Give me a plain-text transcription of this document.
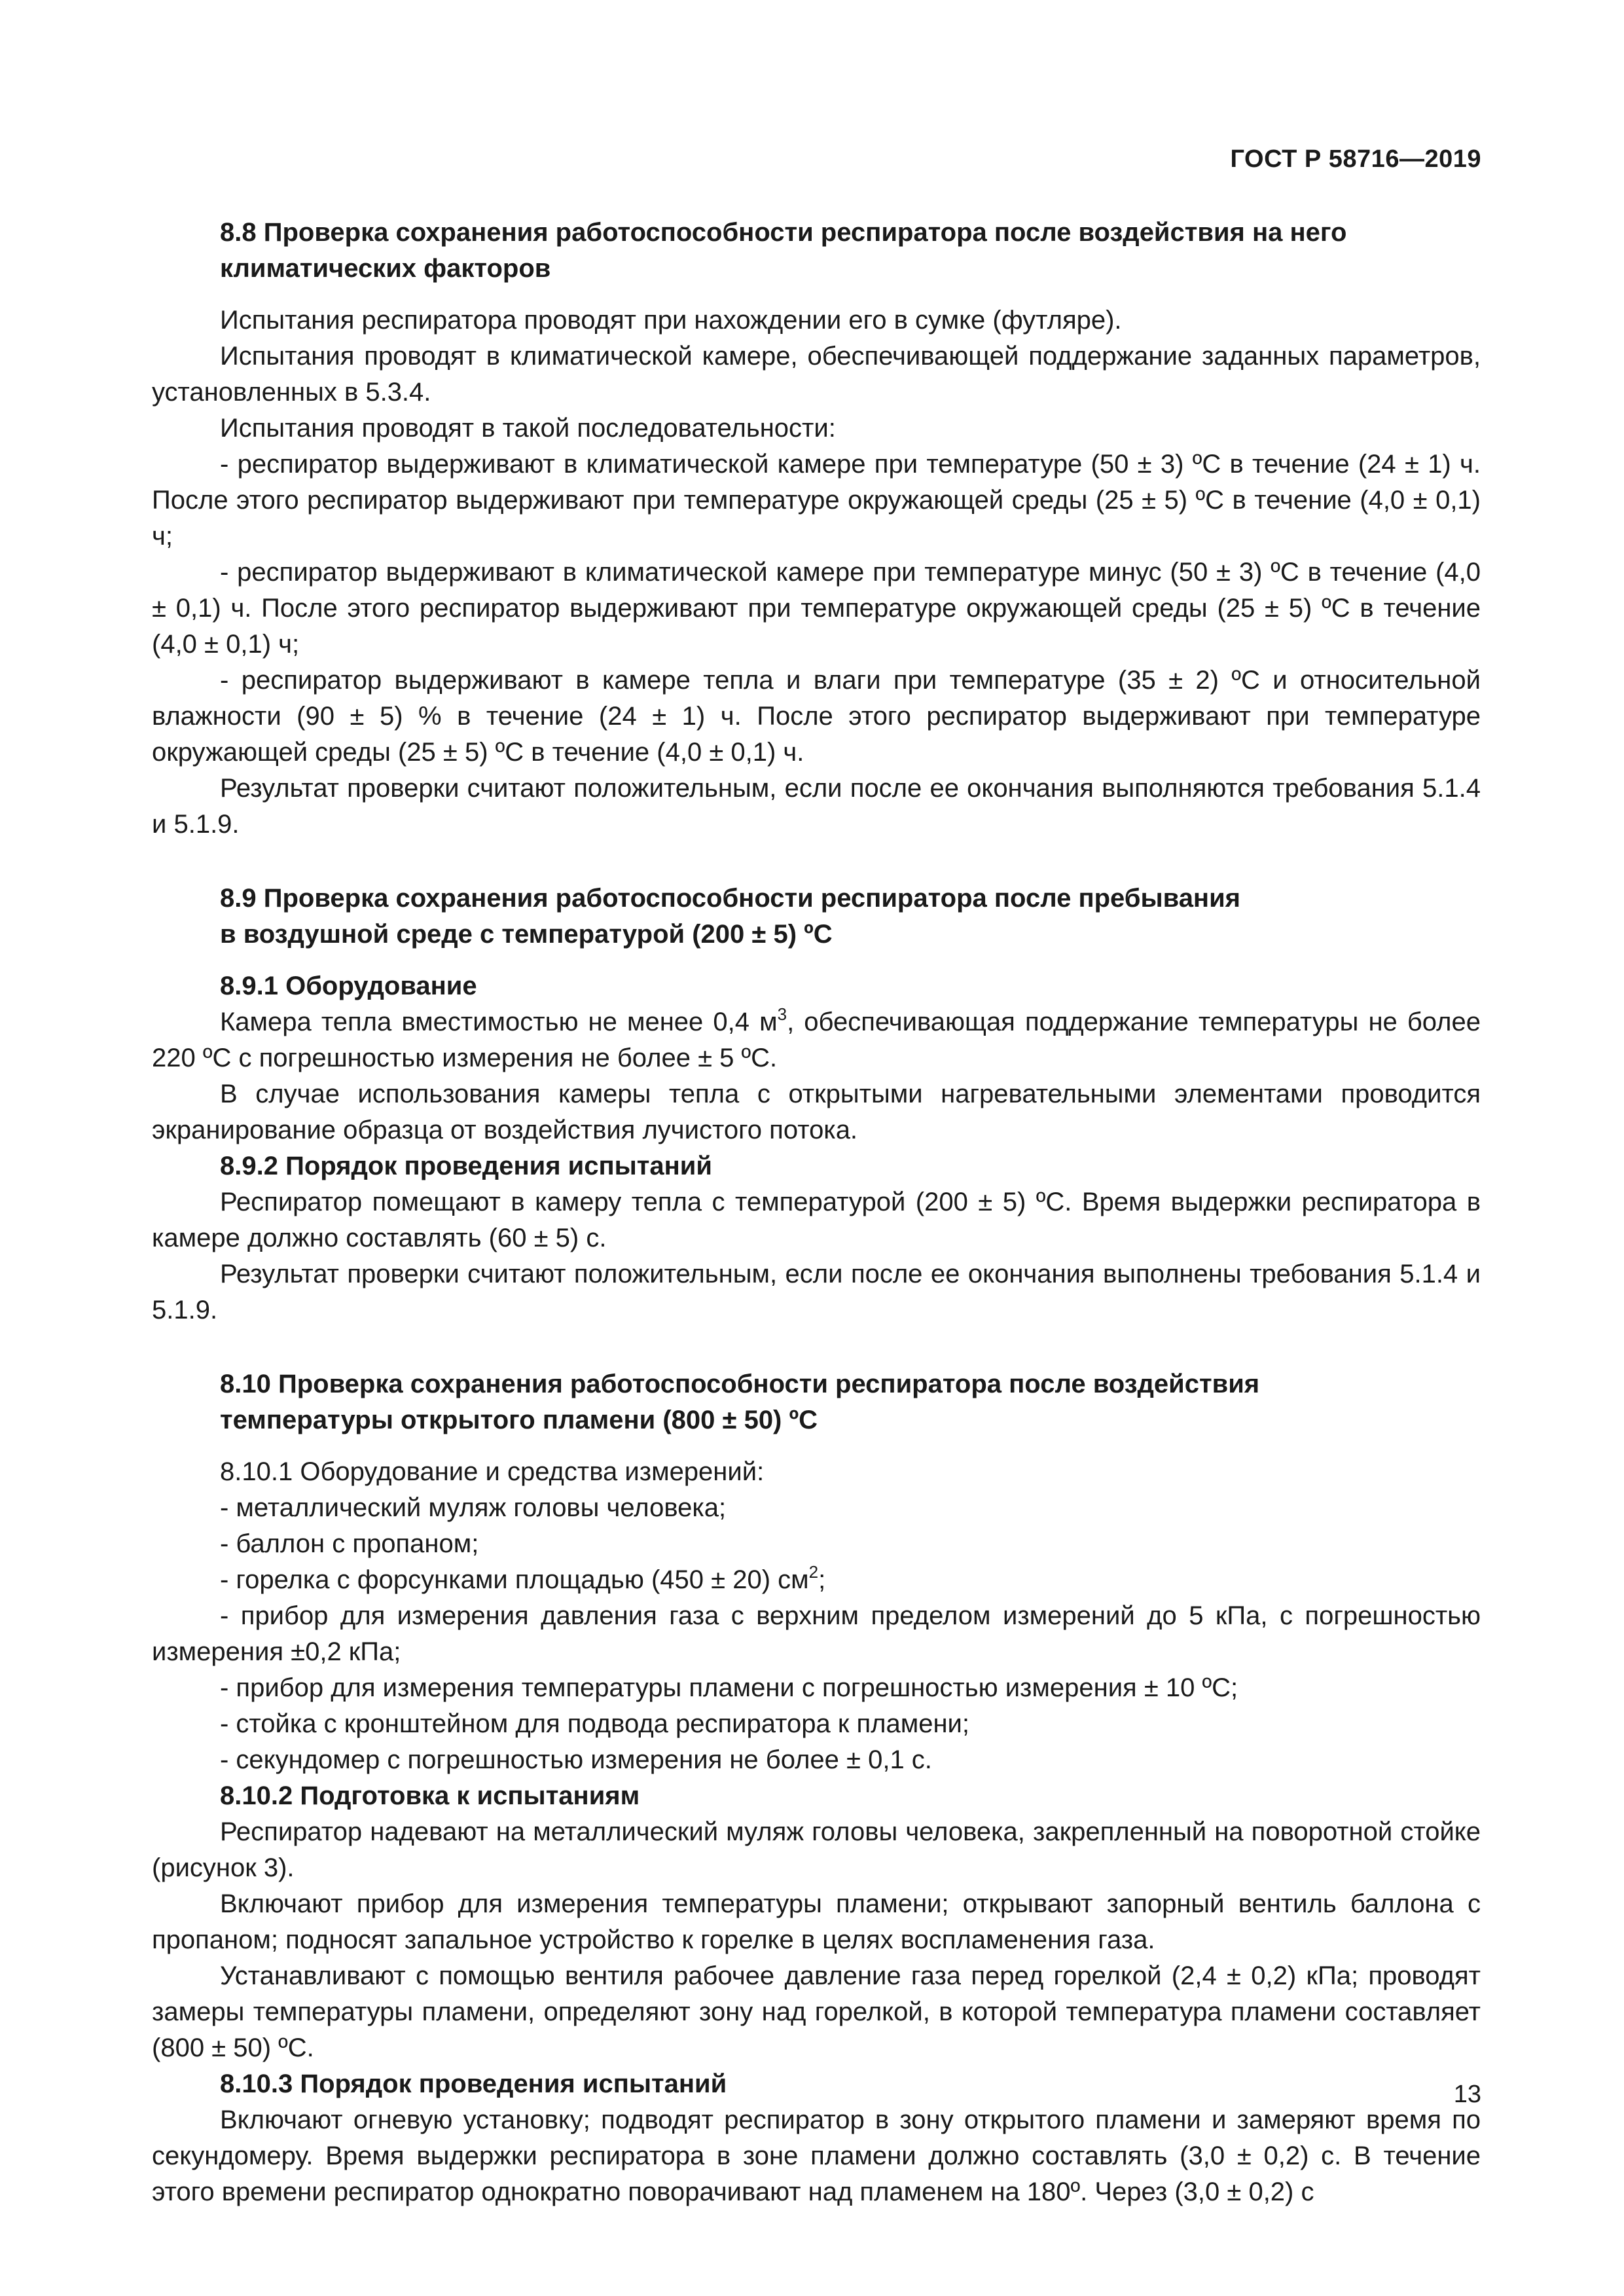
ГОСТ Р 58716—2019

8.8 Проверка сохранения работоспособности респиратора после воздействия на него климатических факторов

Испытания респиратора проводят при нахождении его в сумке (футляре).

Испытания проводят в климатической камере, обеспечивающей поддержание заданных параметров, установленных в 5.3.4.

Испытания проводят в такой последовательности:

- респиратор выдерживают в климатической камере при температуре (50 ± 3) ºС в течение (24 ± 1) ч. После этого респиратор выдерживают при температуре окружающей среды (25 ± 5) ºС в течение (4,0 ± 0,1) ч;

- респиратор выдерживают в климатической камере при температуре минус (50 ± 3) ºС в течение (4,0 ± 0,1) ч. После этого респиратор выдерживают при температуре окружающей среды (25 ± 5) ºС в течение (4,0 ± 0,1) ч;

- респиратор выдерживают в камере тепла и влаги при температуре (35 ± 2) ºС и относительной влажности (90 ± 5) % в течение (24 ± 1) ч. После этого респиратор выдерживают при температуре окружающей среды (25 ± 5) ºС в течение (4,0 ± 0,1) ч.

Результат проверки считают положительным, если после ее окончания выполняются требования 5.1.4 и 5.1.9.

8.9 Проверка сохранения работоспособности респиратора после пребывания

в воздушной среде с температурой (200 ± 5) ºС

8.9.1 Оборудование

Камера тепла вместимостью не менее 0,4 $м^3$, обеспечивающая поддержание температуры не более 220 ºС с погрешностью измерения не более ± 5 ºС.

В случае использования камеры тепла с открытыми нагревательными элементами проводится экранирование образца от воздействия лучистого потока.

8.9.2 Порядок проведения испытаний

Респиратор помещают в камеру тепла с температурой (200 ± 5) ºС. Время выдержки респиратора в камере должно составлять (60 ± 5) с.

Результат проверки считают положительным, если после ее окончания выполнены требования 5.1.4 и 5.1.9.

8.10 Проверка сохранения работоспособности респиратора после воздействия

температуры открытого пламени (800 ± 50) ºС

8.10.1 Оборудование и средства измерений:

- металлический муляж головы человека;

- баллон с пропаном;

- горелка с форсунками площадью (450 ± 20) $см^2$;

- прибор для измерения давления газа с верхним пределом измерений до 5 кПа, с погрешностью измерения ±0,2 кПа;

- прибор для измерения температуры пламени с погрешностью измерения ± 10 ºС;

- стойка с кронштейном для подвода респиратора к пламени;

- секундомер с погрешностью измерения не более ± 0,1 с.

8.10.2 Подготовка к испытаниям

Респиратор надевают на металлический муляж головы человека, закрепленный на поворотной стойке (рисунок 3).

Включают прибор для измерения температуры пламени; открывают запорный вентиль баллона с пропаном; подносят запальное устройство к горелке в целях воспламенения газа.

Устанавливают с помощью вентиля рабочее давление газа перед горелкой (2,4 ± 0,2) кПа; проводят замеры температуры пламени, определяют зону над горелкой, в которой температура пламени составляет (800 ± 50) ºС.

8.10.3 Порядок проведения испытаний

Включают огневую установку; подводят респиратор в зону открытого пламени и замеряют время по секундомеру. Время выдержки респиратора в зоне пламени должно составлять (3,0 ± 0,2) с. В течение этого времени респиратор однократно поворачивают над пламенем на 180º. Через (3,0 ± 0,2) с

13
